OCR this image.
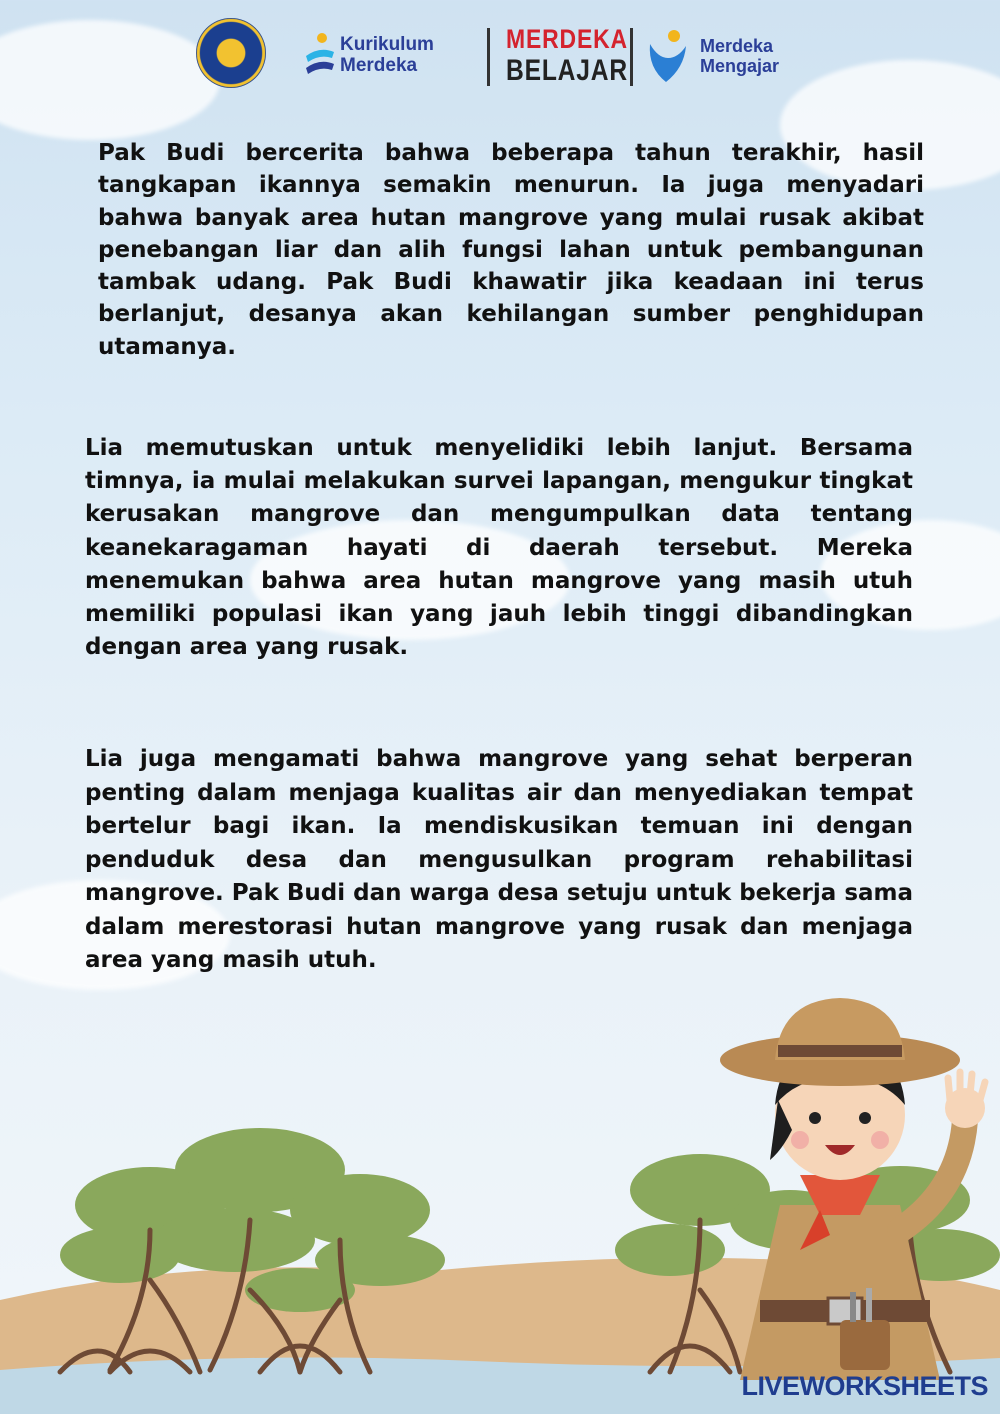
Kurikulum
Merdeka
MERDEKA
BELAJAR
Merdeka
Mengajar

Pak Budi bercerita bahwa beberapa tahun terakhir, hasil tangkapan ikannya semakin menurun. Ia juga menyadari bahwa banyak area hutan mangrove yang mulai rusak akibat penebangan liar dan alih fungsi lahan untuk pembangunan tambak udang. Pak Budi khawatir jika keadaan ini terus berlanjut, desanya akan kehilangan sumber penghidupan utamanya.

Lia memutuskan untuk menyelidiki lebih lanjut. Bersama timnya, ia mulai melakukan survei lapangan, mengukur tingkat kerusakan mangrove dan mengumpulkan data tentang keanekaragaman hayati di daerah tersebut. Mereka menemukan bahwa area hutan mangrove yang masih utuh memiliki populasi ikan yang jauh lebih tinggi dibandingkan dengan area yang rusak.

Lia juga mengamati bahwa mangrove yang sehat berperan penting dalam menjaga kualitas air dan menyediakan tempat bertelur bagi ikan. Ia mendiskusikan temuan ini dengan penduduk desa dan mengusulkan program rehabilitasi mangrove. Pak Budi dan warga desa setuju untuk bekerja sama dalam merestorasi hutan mangrove yang rusak dan menjaga area yang masih utuh.

LIVEWORKSHEETS
